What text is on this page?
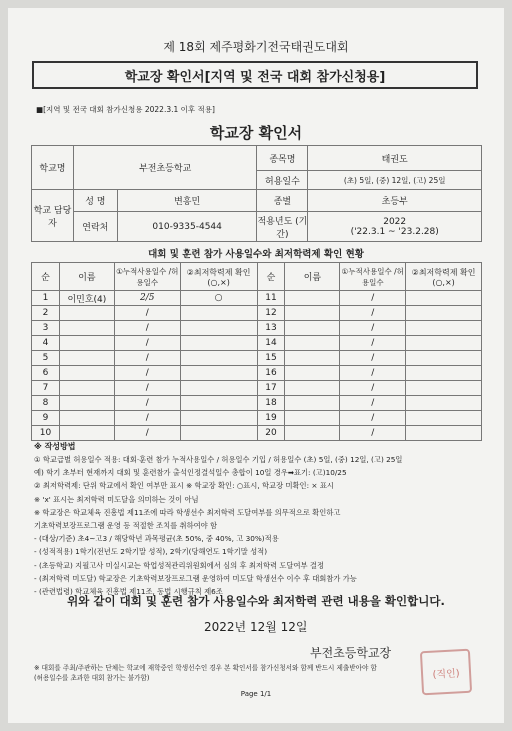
제 18회 제주평화기전국태권도대회
학교장 확인서[지역 및 전국 대회 참가신청용]
■[지역 및 전국 대회 참가신청용 2022.3.1 이후 적용]
학교장 확인서
학교명	부전초등학교		종목명	태권도
			허용일수	(초) 5일, (중) 12일, (고) 25일
학교 담당자	성 명	변흥민	종별	초등부
	연락처	010-9335-4544	적용년도 (기간)	2022
('22.3.1 ~ '23.2.28)
대회 및 훈련 참가 사용일수와 최저학력제 확인 현황
순	이름	①누적사용일수 /허용일수	②최저학력제 확인(○,×)	순	이름	①누적사용일수 /허용일수	②최저학력제 확인(○,×)
1	이민호(4)	2/5	○	11		/	
2		/		12		/	
3		/		13		/	
4		/		14		/	
5		/		15		/	
6		/		16		/	
7		/		17		/	
8		/		18		/	
9		/		19		/	
10		/		20		/	
※ 작성방법
① 학교급별 허용일수 적용: 대회·훈련 참가 누적사용일수 / 허용일수 기입 / 허용일수 (초) 5일, (중) 12일, (고) 25일
예) 학기 초부터 현재까지 대회 및 훈련참가 출석인정결석일수 총합이 10일 경우➡표기: (고)10/25
② 최저학력제: 단위 학교에서 확인 여부만 표시 ※ 학교장 확인: ○표시, 학교장 미확인: × 표시
※ 'x' 표시는 최저학력 미도달을 의미하는 것이 아님
※ 학교장은 학교체육 진흥법 제11조에 따라 학생선수 최저학력 도달여부를 의무적으로 확인하고
기초학력보장프로그램 운영 등 적절한 조치를 취하여야 함
- (대상/기준) 초4~고3 / 해당학년 과목평균(초 50%, 중 40%, 고 30%)적용
- (성적적용) 1학기(전년도 2학기말 성적), 2학기(당해연도 1학기말 성적)
- (초등학교) 지필고사 미실시교는 학업성적관리위원회에서 심의 후 최저학력 도달여부 결정
- (최저학력 미도달) 학교장은 기초학력보장프로그램 운영하여 미도달 학생선수 이수 후 대회참가 가능
- (관련법령) 학교체육 진흥법 제11조, 동법 시행규칙 제6조
위와 같이 대회 및 훈련 참가 사용일수와 최저학력 관련 내용을 확인합니다.
2022년 12월 12일
부전초등학교장
(직인)
※ 대회를 주최/주관하는 단체는 학교에 재학중인 학생선수인 경우 본 확인서를 참가신청서와 함께 반드시 제출받아야 함
(허용일수를 초과한 대회 참가는 불가함)
Page 1/1
